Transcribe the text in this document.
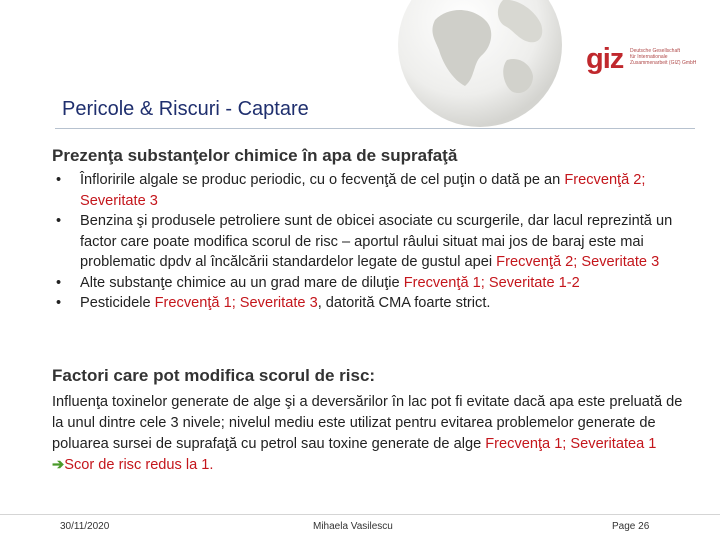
giz Deutsche Gesellschaft
für Internationale
Zusammenarbeit (GIZ) GmbH
Pericole & Riscuri - Captare
Prezenţa substanţelor chimice în apa de suprafaţă
• Înfloririle algale se produc periodic, cu o fecvenţă de cel puţin o dată pe an Frecvenţă 2; Severitate 3
• Benzina şi produsele petroliere sunt de obicei asociate cu scurgerile, dar lacul reprezintă un factor care poate modifica scorul de risc – aportul râului situat mai jos de baraj este mai problematic dpdv al încălcării standardelor legate de gustul apei Frecvenţă 2; Severitate 3
• Alte substanţe chimice au un grad mare de diluţie Frecvenţă 1; Severitate 1-2
• Pesticidele Frecvenţă 1; Severitate 3, datorită CMA foarte strict.
Factori care pot modifica scorul de risc:
Influenţa toxinelor generate de alge şi a deversărilor în lac pot fi evitate dacă apa este preluată de la unul dintre cele 3 nivele; nivelul mediu este utilizat pentru evitarea problemelor generate de poluarea sursei de suprafaţă cu petrol sau toxine generate de alge Frecvenţa 1; Severitatea 1 ➔Scor de risc redus la 1.
30/11/2020	Mihaela Vasilescu	Page 26
